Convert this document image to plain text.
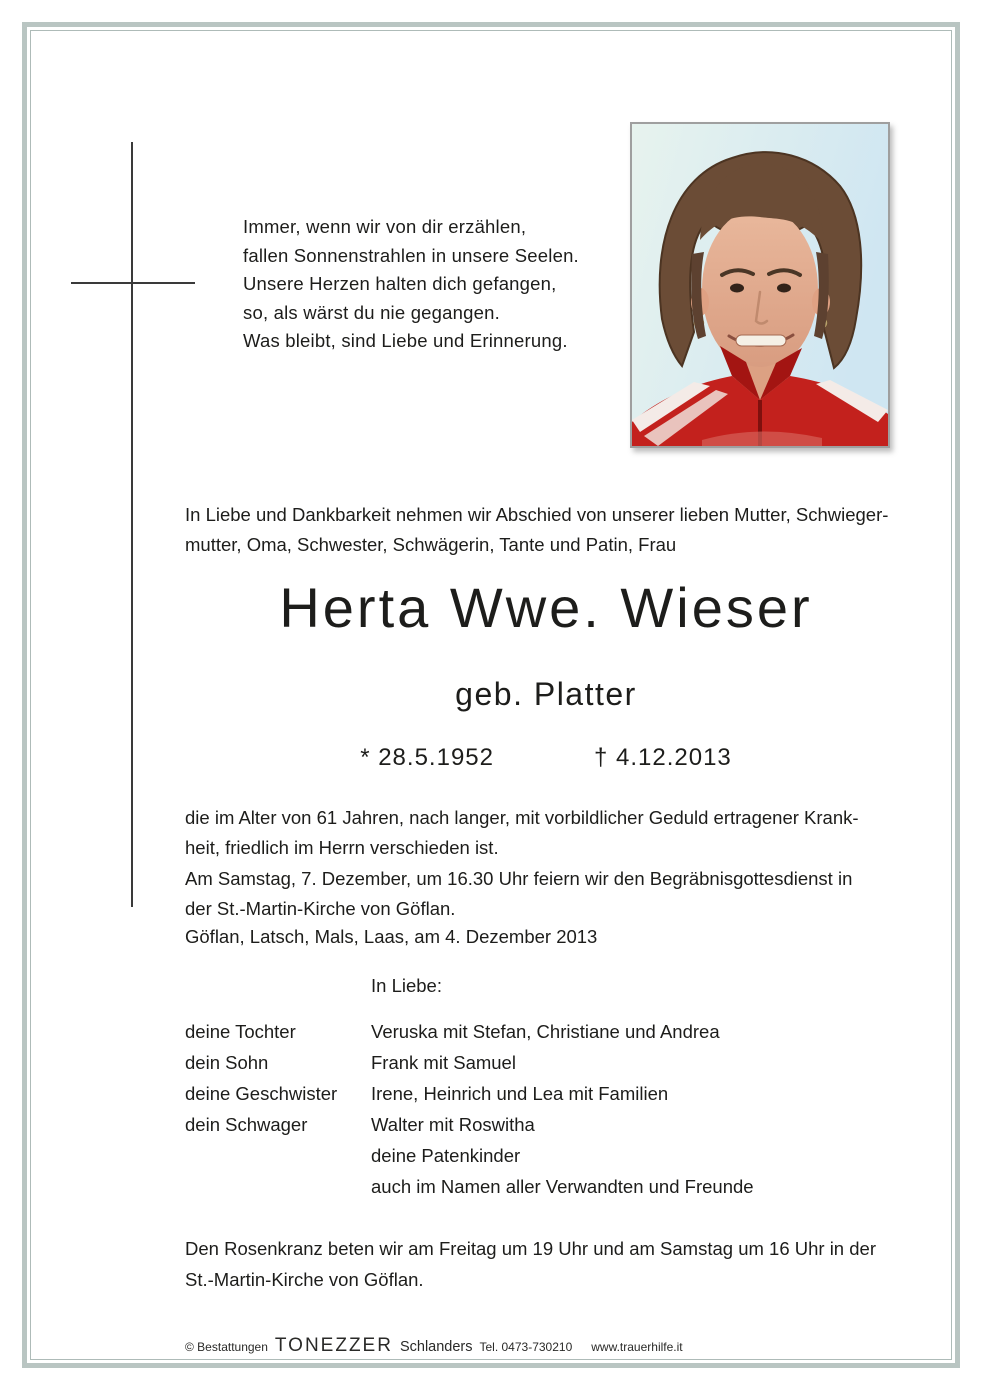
Immer, wenn wir von dir erzählen,
fallen Sonnenstrahlen in unsere Seelen.
Unsere Herzen halten dich gefangen,
so, als wärst du nie gegangen.
Was bleibt, sind Liebe und Erinnerung.
In Liebe und Dankbarkeit nehmen wir Abschied von unserer lieben Mutter, Schwieger-
mutter, Oma, Schwester, Schwägerin, Tante und Patin, Frau
Herta Wwe. Wieser
geb. Platter
* 28.5.1952	† 4.12.2013
die im Alter von 61 Jahren, nach langer, mit vorbildlicher Geduld ertragener Krank-
heit, friedlich im Herrn verschieden ist.
Am Samstag, 7. Dezember, um 16.30 Uhr feiern wir den Begräbnisgottesdienst in
der St.-Martin-Kirche von Göflan.
Göflan, Latsch, Mals, Laas, am 4. Dezember 2013
In Liebe:
deine Tochter	Veruska mit Stefan, Christiane und Andrea
dein Sohn	Frank mit Samuel
deine Geschwister	Irene, Heinrich und Lea mit Familien
dein Schwager	Walter mit Roswitha
deine Patenkinder
auch im Namen aller Verwandten und Freunde
Den Rosenkranz beten wir am Freitag um 19 Uhr und am Samstag um 16 Uhr in der
St.-Martin-Kirche von Göflan.
© Bestattungen TONEZZER Schlanders Tel. 0473-730210 www.trauerhilfe.it
